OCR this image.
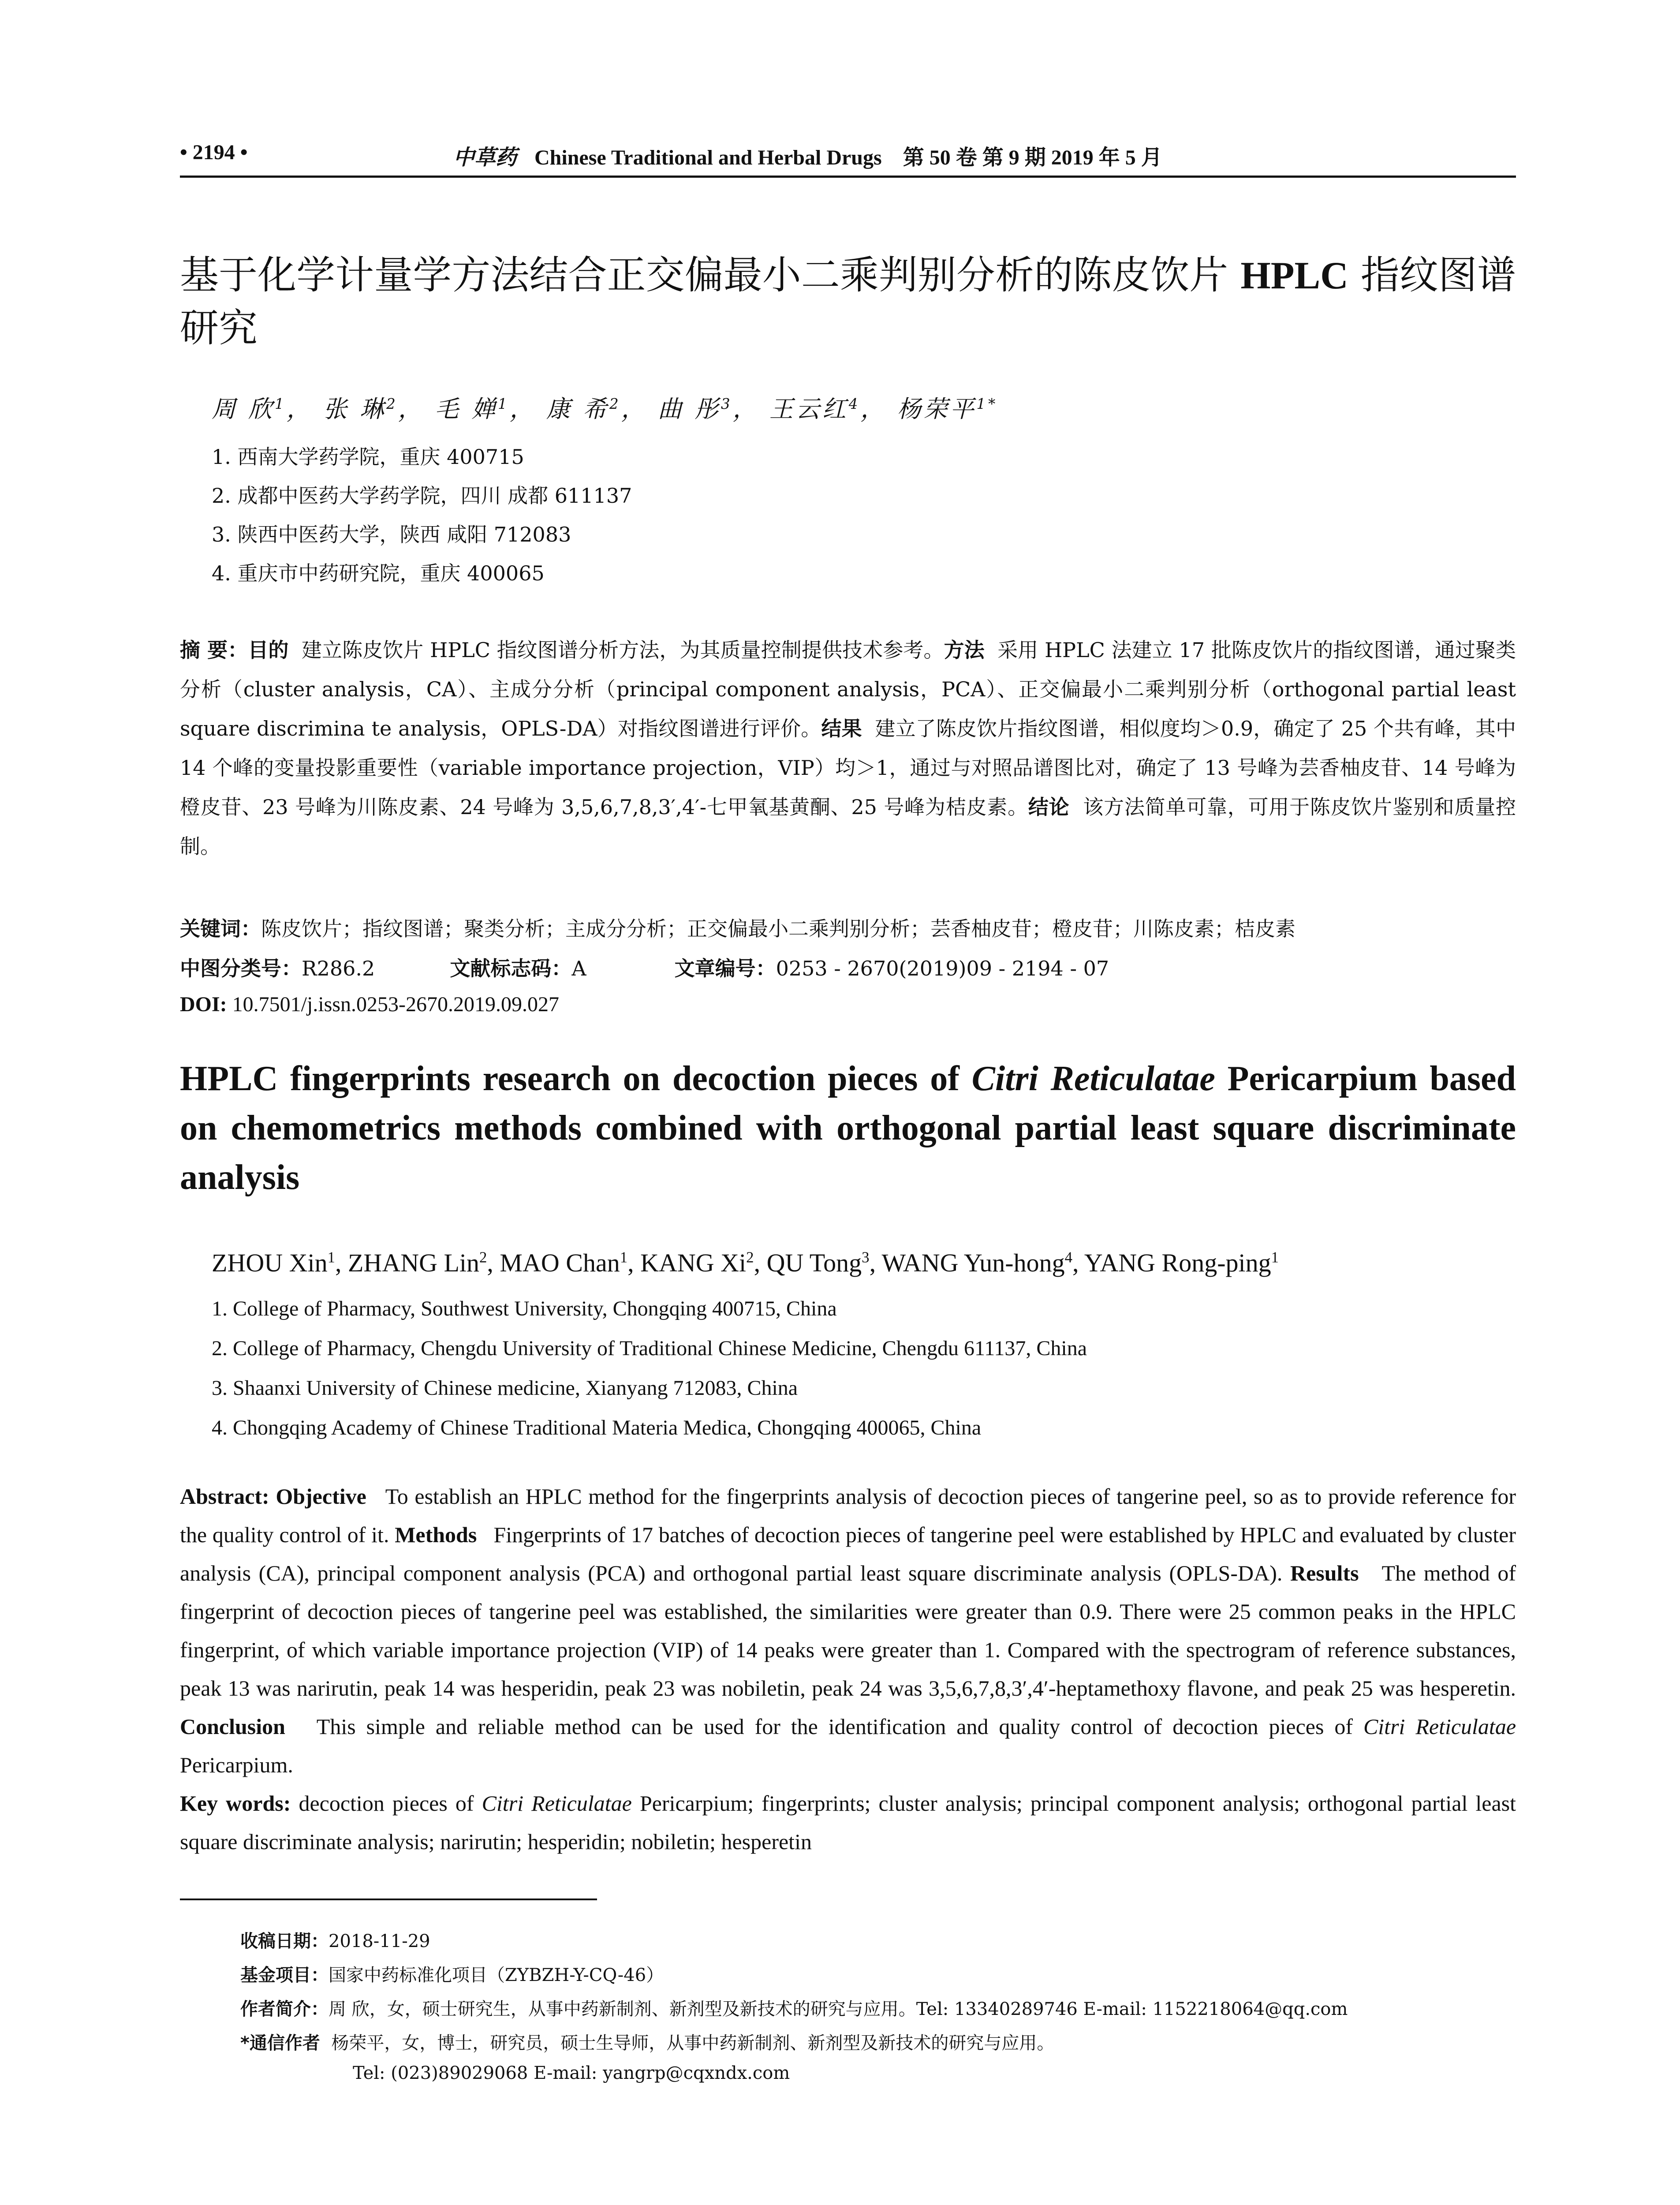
• 2194 •	中草药 Chinese Traditional and Herbal Drugs 第 50 卷 第 9 期 2019 年 5 月
基于化学计量学方法结合正交偏最小二乘判别分析的陈皮饮片 HPLC 指纹图谱研究
周 欣$^1$， 张 琳$^2$， 毛 婵$^1$， 康 希$^2$， 曲 彤$^3$， 王云红$^4$， 杨荣平$^{1*}$
1. 西南大学药学院，重庆 400715
2. 成都中医药大学药学院，四川 成都 611137
3. 陕西中医药大学，陕西 咸阳 712083
4. 重庆市中药研究院，重庆 400065
摘 要：目的 建立陈皮饮片 HPLC 指纹图谱分析方法，为其质量控制提供技术参考。方法 采用 HPLC 法建立 17 批陈皮饮片的指纹图谱，通过聚类分析（cluster analysis，CA）、主成分分析（principal component analysis，PCA）、正交偏最小二乘判别分析（orthogonal partial least square discrimina te analysis，OPLS-DA）对指纹图谱进行评价。结果 建立了陈皮饮片指纹图谱，相似度均＞0.9，确定了 25 个共有峰，其中 14 个峰的变量投影重要性（variable importance projection，VIP）均＞1，通过与对照品谱图比对，确定了 13 号峰为芸香柚皮苷、14 号峰为橙皮苷、23 号峰为川陈皮素、24 号峰为 3,5,6,7,8,3′,4′-七甲氧基黄酮、25 号峰为桔皮素。结论 该方法简单可靠，可用于陈皮饮片鉴别和质量控制。
关键词：陈皮饮片；指纹图谱；聚类分析；主成分分析；正交偏最小二乘判别分析；芸香柚皮苷；橙皮苷；川陈皮素；桔皮素
中图分类号：R286.2	文献标志码：A	文章编号：0253 - 2670(2019)09 - 2194 - 07
DOI: 10.7501/j.issn.0253-2670.2019.09.027
HPLC fingerprints research on decoction pieces of Citri Reticulatae Pericarpium based on chemometrics methods combined with orthogonal partial least square discriminate analysis
ZHOU Xin$^1$, ZHANG Lin$^2$, MAO Chan$^1$, KANG Xi$^2$, QU Tong$^3$, WANG Yun-hong$^4$, YANG Rong-ping$^1$
1. College of Pharmacy, Southwest University, Chongqing 400715, China
2. College of Pharmacy, Chengdu University of Traditional Chinese Medicine, Chengdu 611137, China
3. Shaanxi University of Chinese medicine, Xianyang 712083, China
4. Chongqing Academy of Chinese Traditional Materia Medica, Chongqing 400065, China
Abstract: Objective To establish an HPLC method for the fingerprints analysis of decoction pieces of tangerine peel, so as to provide reference for the quality control of it. Methods Fingerprints of 17 batches of decoction pieces of tangerine peel were established by HPLC and evaluated by cluster analysis (CA), principal component analysis (PCA) and orthogonal partial least square discriminate analysis (OPLS-DA). Results The method of fingerprint of decoction pieces of tangerine peel was established, the similarities were greater than 0.9. There were 25 common peaks in the HPLC fingerprint, of which variable importance projection (VIP) of 14 peaks were greater than 1. Compared with the spectrogram of reference substances, peak 13 was narirutin, peak 14 was hesperidin, peak 23 was nobiletin, peak 24 was 3,5,6,7,8,3′,4′-heptamethoxy flavone, and peak 25 was hesperetin. Conclusion This simple and reliable method can be used for the identification and quality control of decoction pieces of Citri Reticulatae Pericarpium.
Key words: decoction pieces of Citri Reticulatae Pericarpium; fingerprints; cluster analysis; principal component analysis; orthogonal partial least square discriminate analysis; narirutin; hesperidin; nobiletin; hesperetin
收稿日期：2018-11-29
基金项目：国家中药标准化项目（ZYBZH-Y-CQ-46）
作者简介：周 欣，女，硕士研究生，从事中药新制剂、新剂型及新技术的研究与应用。Tel: 13340289746 E-mail: 1152218064@qq.com
*通信作者 杨荣平，女，博士，研究员，硕士生导师，从事中药新制剂、新剂型及新技术的研究与应用。
Tel: (023)89029068 E-mail: yangrp@cqxndx.com
